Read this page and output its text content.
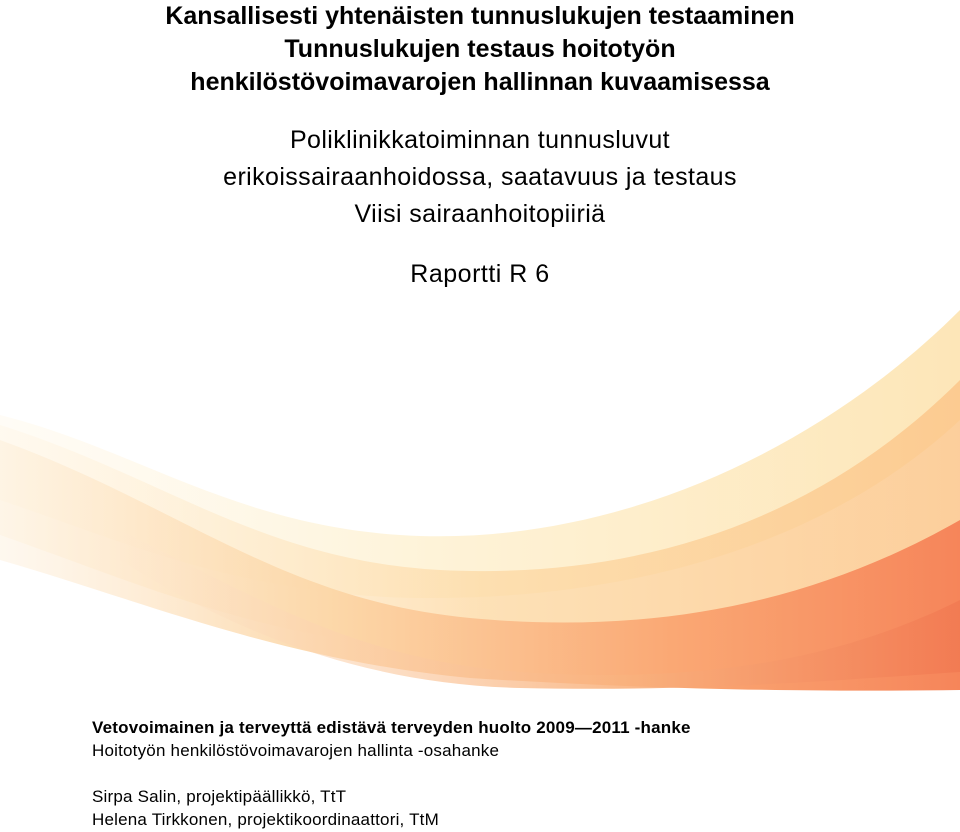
Kansallisesti yhtenäisten tunnuslukujen testaaminen
Tunnuslukujen testaus hoitotyön
henkilöstövoimavarojen hallinnan kuvaamisessa
Poliklinikkatoiminnan tunnusluvut
erikoissairaanhoidossa, saatavuus ja testaus
Viisi sairaanhoitopiiriä
Raportti R 6
Vetovoimainen ja terveyttä edistävä terveyden huolto 2009—2011 -hanke
Hoitotyön henkilöstövoimavarojen hallinta -osahanke
Sirpa Salin, projektipäällikkö, TtT
Helena Tirkkonen, projektikoordinaattori, TtM
